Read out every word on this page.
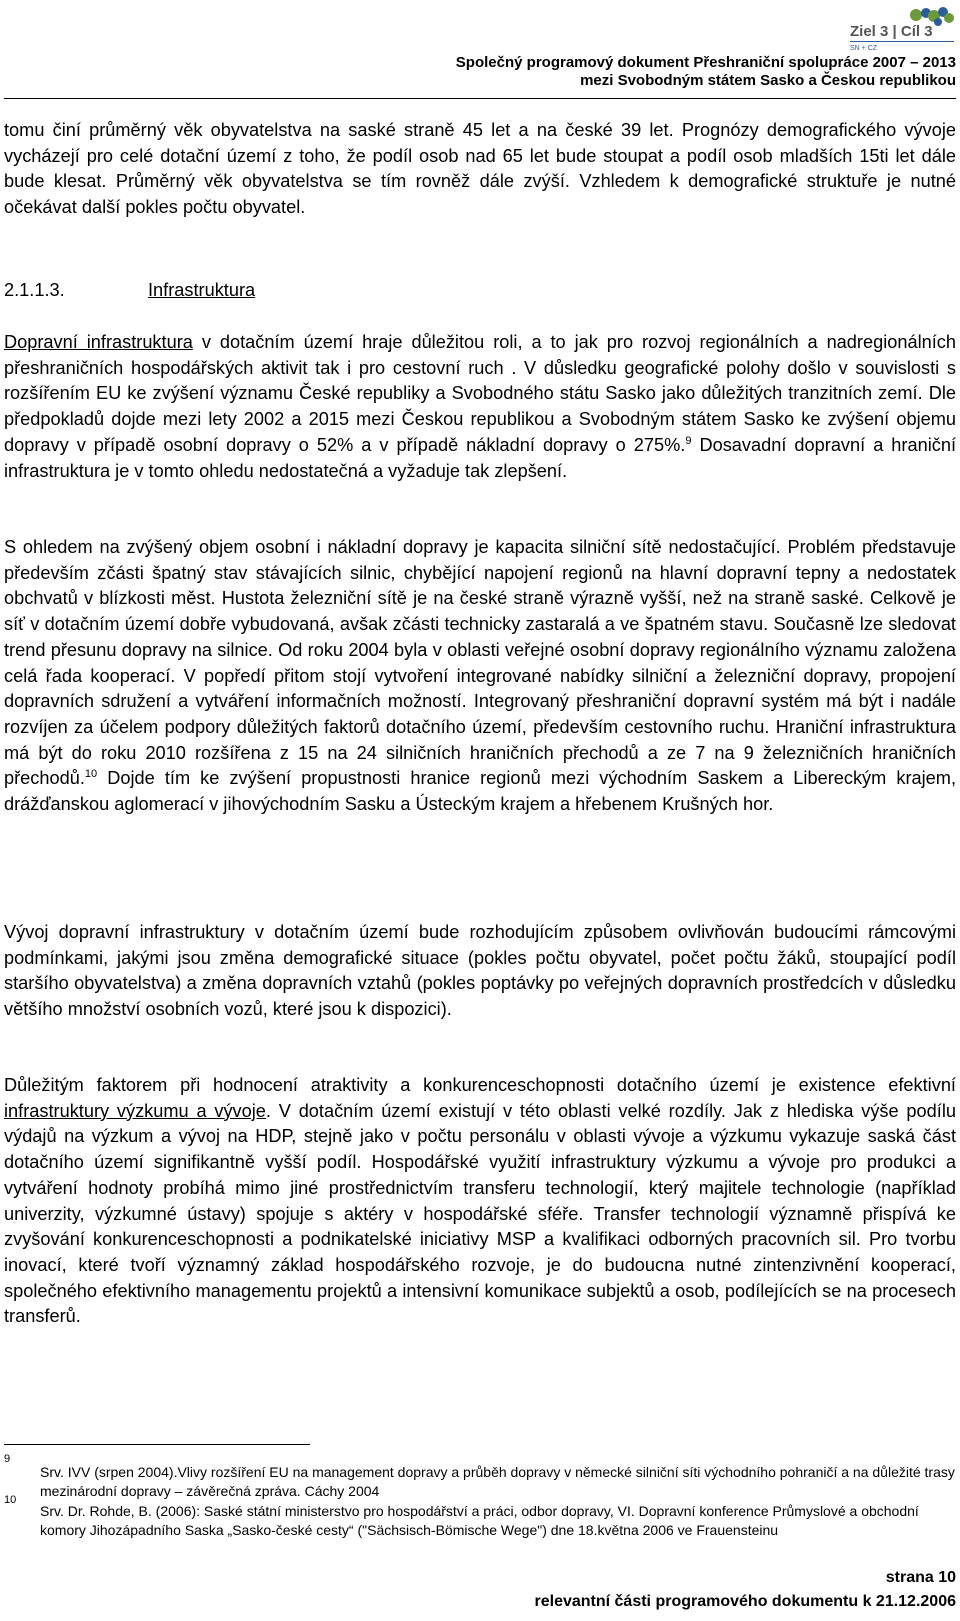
Ziel 3 | Cíl 3
SN + CZ
Společný programový dokument Přeshraniční spolupráce 2007 – 2013
mezi Svobodným státem Sasko a Českou republikou

tomu činí průměrný věk obyvatelstva na saské straně 45 let a na české 39 let. Prognózy demografického vývoje vycházejí pro celé dotační území z toho, že podíl osob nad 65 let bude stoupat a podíl osob mladších 15ti let dále bude klesat. Průměrný věk obyvatelstva se tím rovněž dále zvýší. Vzhledem k demografické struktuře je nutné očekávat další pokles počtu obyvatel.

2.1.1.3.	Infrastruktura

Dopravní infrastruktura v dotačním území hraje důležitou roli, a to jak pro rozvoj regionálních a nadregionálních přeshraničních hospodářských aktivit tak i pro cestovní ruch . V důsledku geografické polohy došlo v souvislosti s rozšířením EU ke zvýšení významu České republiky a Svobodného státu Sasko jako důležitých tranzitních zemí. Dle předpokladů dojde mezi lety 2002 a 2015 mezi Českou republikou a Svobodným státem Sasko ke zvýšení objemu dopravy v případě osobní dopravy o 52% a v případě nákladní dopravy o 275%.$^9$ Dosavadní dopravní a hraniční infrastruktura je v tomto ohledu nedostatečná a vyžaduje tak zlepšení.

S ohledem na zvýšený objem osobní i nákladní dopravy je kapacita silniční sítě nedostačující. Problém představuje především zčásti špatný stav stávajících silnic, chybějící napojení regionů na hlavní dopravní tepny a nedostatek obchvatů v blízkosti měst. Hustota železniční sítě je na české straně výrazně vyšší, než na straně saské. Celkově je síť v dotačním území dobře vybudovaná, avšak zčásti technicky zastaralá a ve špatném stavu. Současně lze sledovat trend přesunu dopravy na silnice. Od roku 2004 byla v oblasti veřejné osobní dopravy regionálního významu založena celá řada kooperací. V popředí přitom stojí vytvoření integrované nabídky silniční a železniční dopravy, propojení dopravních sdružení a vytváření informačních možností. Integrovaný přeshraniční dopravní systém má být i nadále rozvíjen za účelem podpory důležitých faktorů dotačního území, především cestovního ruchu. Hraniční infrastruktura má být do roku 2010 rozšířena z 15 na 24 silničních hraničních přechodů a ze 7 na 9 železničních hraničních přechodů.$^{10}$ Dojde tím ke zvýšení propustnosti hranice regionů mezi východním Saskem a Libereckým krajem, drážďanskou aglomerací v jihovýchodním Sasku a Ústeckým krajem a hřebenem Krušných hor.

Vývoj dopravní infrastruktury v dotačním území bude rozhodujícím způsobem ovlivňován budoucími rámcovými podmínkami, jakými jsou změna demografické situace (pokles počtu obyvatel, počet počtu žáků, stoupající podíl staršího obyvatelstva) a změna dopravních vztahů (pokles poptávky po veřejných dopravních prostředcích v důsledku většího množství osobních vozů, které jsou k dispozici).

Důležitým faktorem při hodnocení atraktivity a konkurenceschopnosti dotačního území je existence efektivní infrastruktury výzkumu a vývoje. V dotačním území existují v této oblasti velké rozdíly. Jak z hlediska výše podílu výdajů na výzkum a vývoj na HDP, stejně jako v počtu personálu v oblasti vývoje a výzkumu vykazuje saská část dotačního území signifikantně vyšší podíl. Hospodářské využití infrastruktury výzkumu a vývoje pro produkci a vytváření hodnoty probíhá mimo jiné prostřednictvím transferu technologií, který majitele technologie (například univerzity, výzkumné ústavy) spojuje s aktéry v hospodářské sféře. Transfer technologií významně přispívá ke zvyšování konkurenceschopnosti a podnikatelské iniciativy MSP a kvalifikaci odborných pracovních sil. Pro tvorbu inovací, které tvoří významný základ hospodářského rozvoje, je do budoucna nutné zintenzivnění kooperací, společného efektivního managementu projektů a intensivní komunikace subjektů a osob, podílejících se na procesech transferů.

9

Srv. IVV (srpen 2004).Vlivy rozšíření EU na management dopravy a průběh dopravy v německé silniční síti východního pohraničí a na důležité trasy mezinárodní dopravy – závěrečná zpráva. Cáchy 2004

10

Srv. Dr. Rohde, B. (2006): Saské státní ministerstvo pro hospodářství a práci, odbor dopravy, VI. Dopravní konference Průmyslové a obchodní komory Jihozápadního Saska „Sasko-české cesty“ ("Sächsisch-Bömische Wege") dne 18.května 2006 ve Frauensteinu

strana 10
relevantní části programového dokumentu k 21.12.2006
